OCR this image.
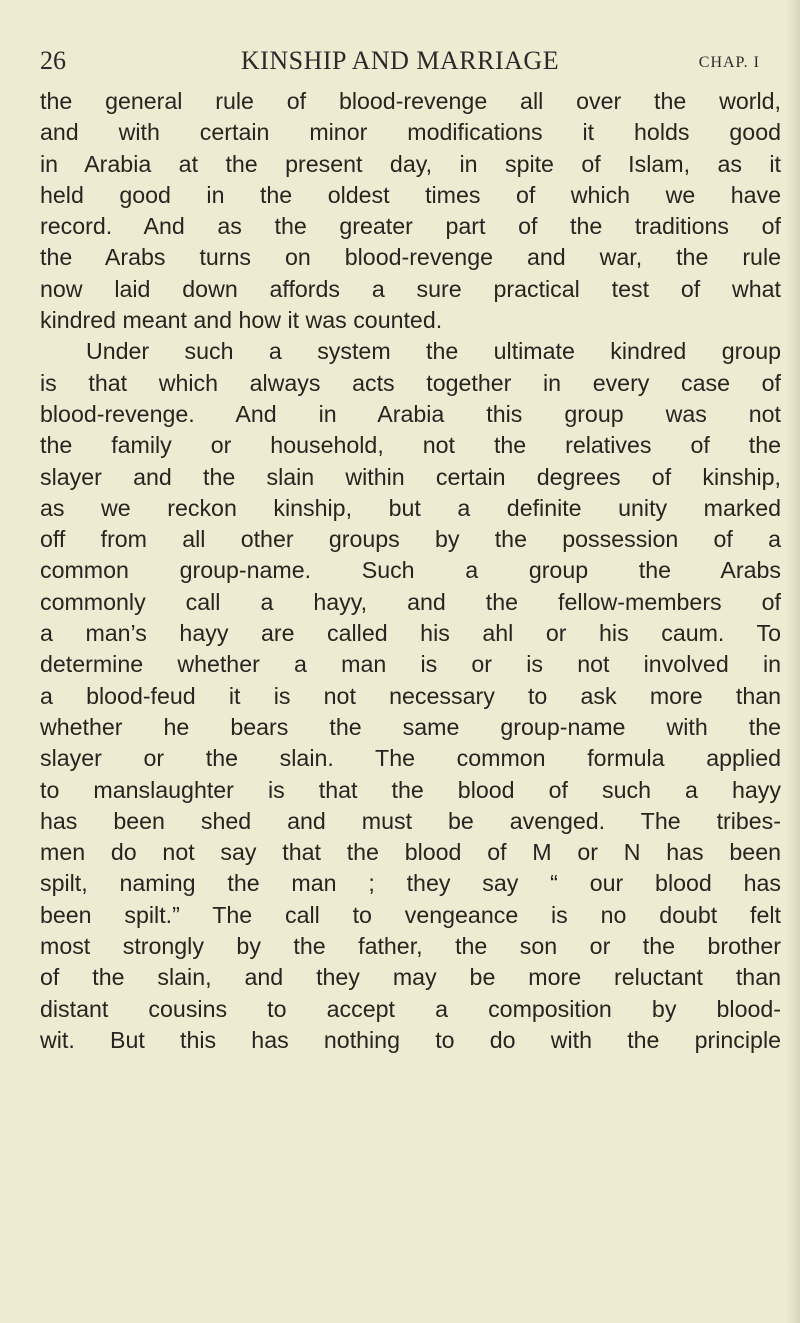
26	KINSHIP AND MARRIAGE	CHAP. I
the general rule of blood-revenge all over the world,
and with certain minor modifications it holds good
in Arabia at the present day, in spite of Islam, as it
held good in the oldest times of which we have
record. And as the greater part of the traditions of
the Arabs turns on blood-revenge and war, the rule
now laid down affords a sure practical test of what
kindred meant and how it was counted.
Under such a system the ultimate kindred group
is that which always acts together in every case of
blood-revenge. And in Arabia this group was not
the family or household, not the relatives of the
slayer and the slain within certain degrees of kinship,
as we reckon kinship, but a definite unity marked
off from all other groups by the possession of a
common group-name. Such a group the Arabs
commonly call a hayy, and the fellow-members of
a man’s hayy are called his ahl or his caum. To
determine whether a man is or is not involved in
a blood-feud it is not necessary to ask more than
whether he bears the same group-name with the
slayer or the slain. The common formula applied
to manslaughter is that the blood of such a hayy
has been shed and must be avenged. The tribes-
men do not say that the blood of M or N has been
spilt, naming the man ; they say “ our blood has
been spilt.” The call to vengeance is no doubt felt
most strongly by the father, the son or the brother
of the slain, and they may be more reluctant than
distant cousins to accept a composition by blood-
wit. But this has nothing to do with the principle
